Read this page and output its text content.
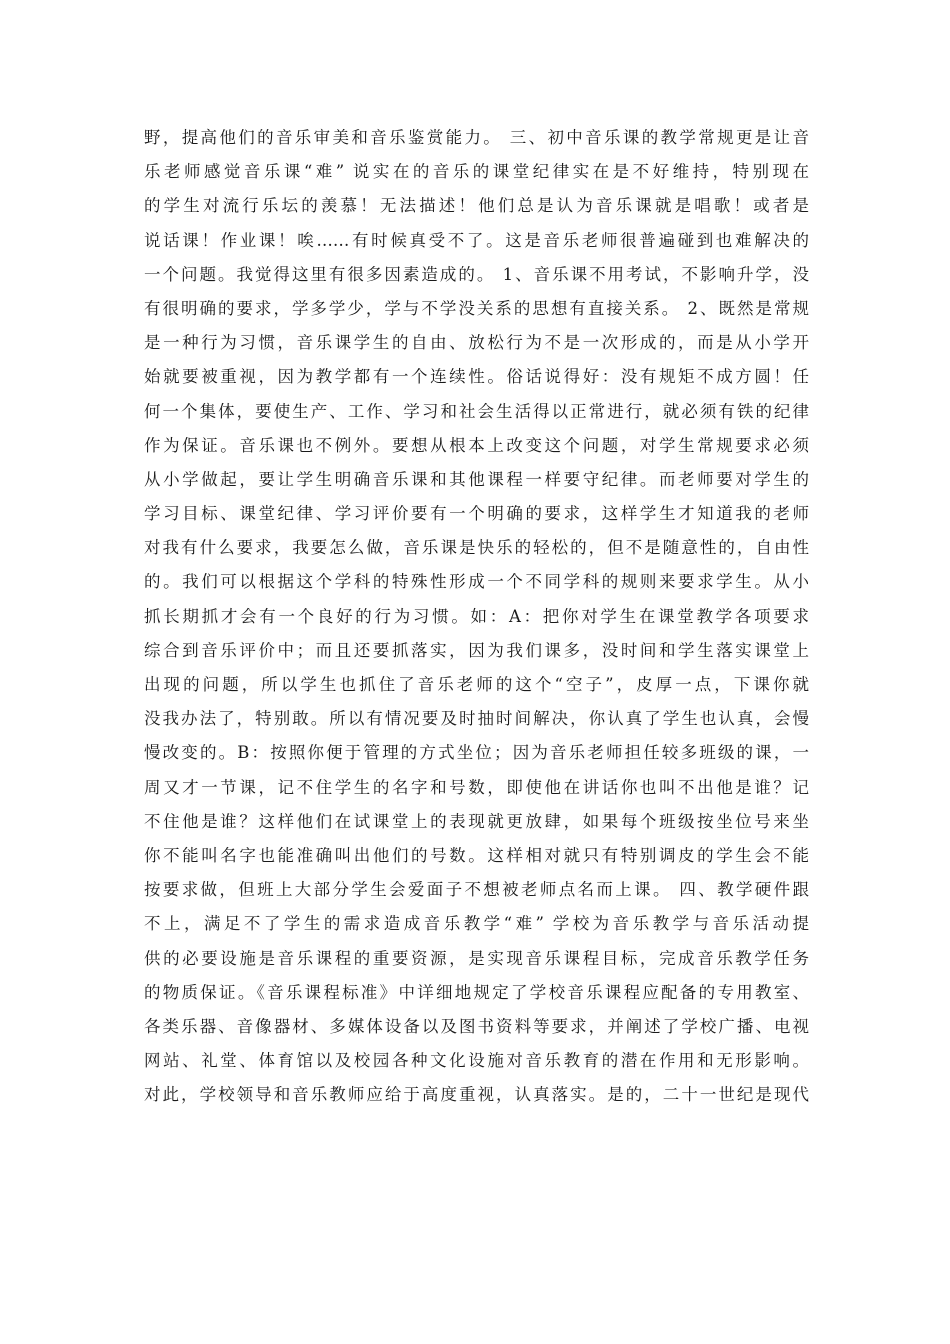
野，提高他们的音乐审美和音乐鉴赏能力。 三、初中音乐课的教学常规更是让音
乐老师感觉音乐课“难” 说实在的音乐的课堂纪律实在是不好维持，特别现在
的学生对流行乐坛的羡慕！无法描述！他们总是认为音乐课就是唱歌！或者是
说话课！作业课！唉……有时候真受不了。这是音乐老师很普遍碰到也难解决的
一个问题。我觉得这里有很多因素造成的。 1、音乐课不用考试，不影响升学，没
有很明确的要求，学多学少，学与不学没关系的思想有直接关系。 2、既然是常规
是一种行为习惯，音乐课学生的自由、放松行为不是一次形成的，而是从小学开
始就要被重视，因为教学都有一个连续性。俗话说得好：没有规矩不成方圆！任
何一个集体，要使生产、工作、学习和社会生活得以正常进行，就必须有铁的纪律
作为保证。音乐课也不例外。要想从根本上改变这个问题，对学生常规要求必须
从小学做起，要让学生明确音乐课和其他课程一样要守纪律。而老师要对学生的
学习目标、课堂纪律、学习评价要有一个明确的要求，这样学生才知道我的老师
对我有什么要求，我要怎么做，音乐课是快乐的轻松的，但不是随意性的，自由性
的。我们可以根据这个学科的特殊性形成一个不同学科的规则来要求学生。从小
抓长期抓才会有一个良好的行为习惯。如：A：把你对学生在课堂教学各项要求
综合到音乐评价中；而且还要抓落实，因为我们课多，没时间和学生落实课堂上
出现的问题，所以学生也抓住了音乐老师的这个“空子”，皮厚一点，下课你就
没我办法了，特别敢。所以有情况要及时抽时间解决，你认真了学生也认真，会慢
慢改变的。B：按照你便于管理的方式坐位；因为音乐老师担任较多班级的课，一
周又才一节课，记不住学生的名字和号数，即使他在讲话你也叫不出他是谁？记
不住他是谁？这样他们在试课堂上的表现就更放肆，如果每个班级按坐位号来坐
你不能叫名字也能准确叫出他们的号数。这样相对就只有特别调皮的学生会不能
按要求做，但班上大部分学生会爱面子不想被老师点名而上课。 四、教学硬件跟
不上，满足不了学生的需求造成音乐教学“难” 学校为音乐教学与音乐活动提
供的必要设施是音乐课程的重要资源，是实现音乐课程目标，完成音乐教学任务
的物质保证。《音乐课程标准》中详细地规定了学校音乐课程应配备的专用教室、
各类乐器、音像器材、多媒体设备以及图书资料等要求，并阐述了学校广播、电视
网站、礼堂、体育馆以及校园各种文化设施对音乐教育的潜在作用和无形影响。
对此，学校领导和音乐教师应给于高度重视，认真落实。是的，二十一世纪是现代
